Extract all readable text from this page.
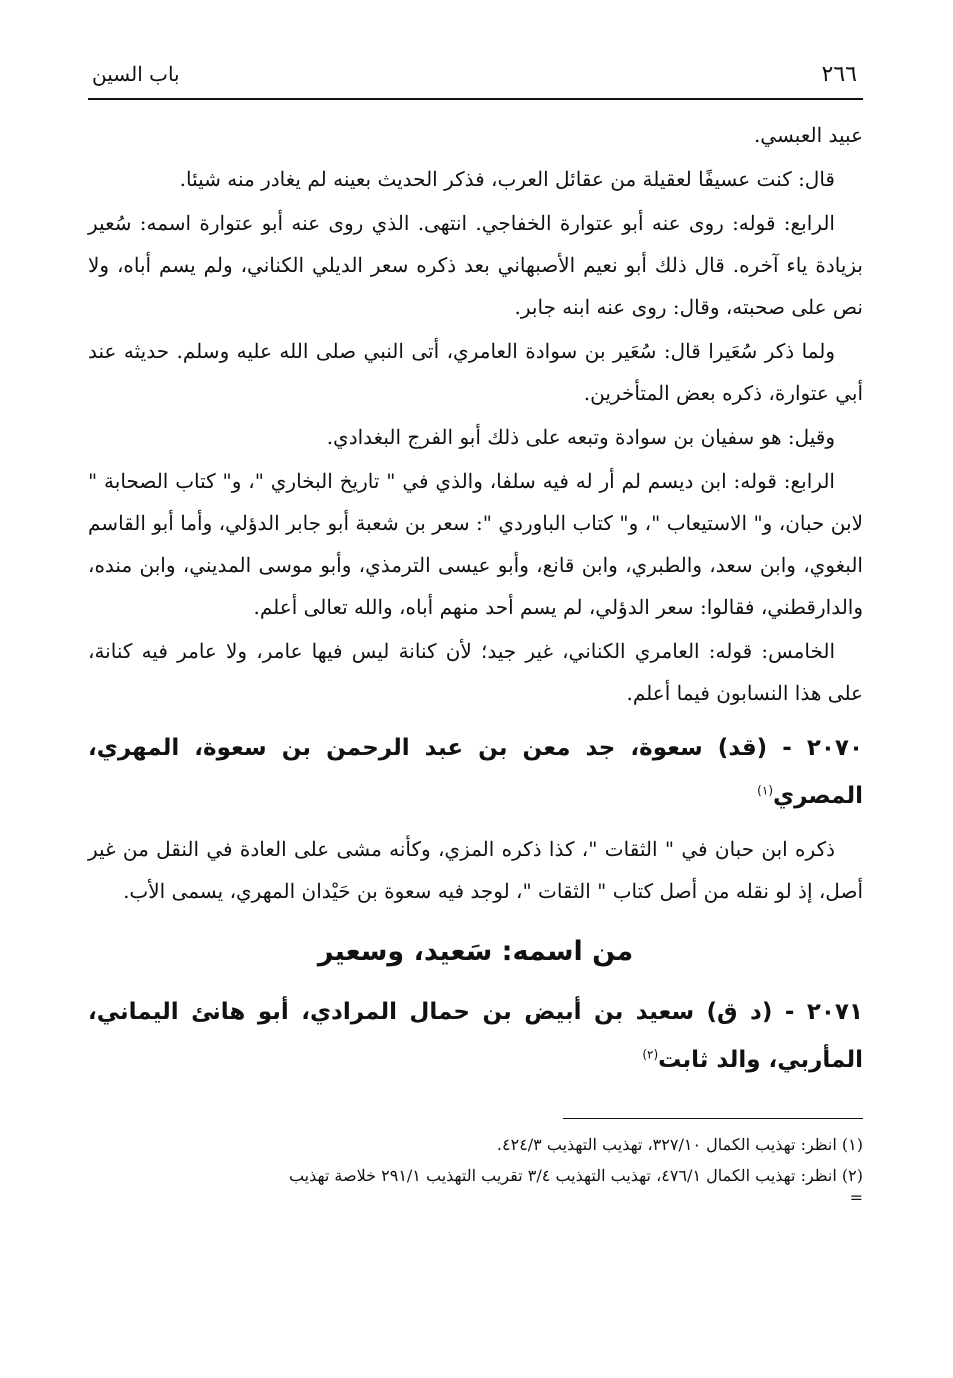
٢٦٦
باب السين

عبيد العبسي.

قال: كنت عسيفًا لعقيلة من عقائل العرب، فذكر الحديث بعينه لم يغادر منه شيئا.

الرابع: قوله: روى عنه أبو عتوارة الخفاجي. انتهى. الذي روى عنه أبو عتوارة اسمه: سُعير بزيادة ياء آخره. قال ذلك أبو نعيم الأصبهاني بعد ذكره سعر الديلي الكناني، ولم يسم أباه، ولا نص على صحبته، وقال: روى عنه ابنه جابر.

ولما ذكر سُعَيرا قال: سُعَير بن سوادة العامري، أتى النبي صلى الله عليه وسلم. حديثه عند أبي عتوارة، ذكره بعض المتأخرين.

وقيل: هو سفيان بن سوادة وتبعه على ذلك أبو الفرج البغدادي.

الرابع: قوله: ابن ديسم لم أر له فيه سلفا، والذي في " تاريخ البخاري "، و" كتاب الصحابة " لابن حبان، و" الاستيعاب "، و" كتاب الباوردي ": سعر بن شعبة أبو جابر الدؤلي، وأما أبو القاسم البغوي، وابن سعد، والطبري، وابن قانع، وأبو عيسى الترمذي، وأبو موسى المديني، وابن منده، والدارقطني، فقالوا: سعر الدؤلي، لم يسم أحد منهم أباه، والله تعالى أعلم.

الخامس: قوله: العامري الكناني، غير جيد؛ لأن كنانة ليس فيها عامر، ولا عامر فيه كنانة، على هذا النسابون فيما أعلم.

٢٠٧٠ - (قد) سعوة، جد معن بن عبد الرحمن بن سعوة، المهري، المصري$^{(١)}$

ذكره ابن حبان في " الثقات "، كذا ذكره المزي، وكأنه مشى على العادة في النقل من غير أصل، إذ لو نقله من أصل كتاب " الثقات "، لوجد فيه سعوة بن حَيْدان المهري، يسمى الأب.

من اسمه: سَعيد، وسعير
٢٠٧١ - (د ق) سعيد بن أبيض بن حمال المرادي، أبو هانئ اليماني، المأربي، والد ثابت$^{(٢)}$
(١) انظر: تهذيب الكمال ٣٢٧/١٠، تهذيب التهذيب ٤٢٤/٣.
(٢) انظر: تهذيب الكمال ٤٧٦/١، تهذيب التهذيب ٣/٤ تقريب التهذيب ٢٩١/١ خلاصة تهذيب
=
